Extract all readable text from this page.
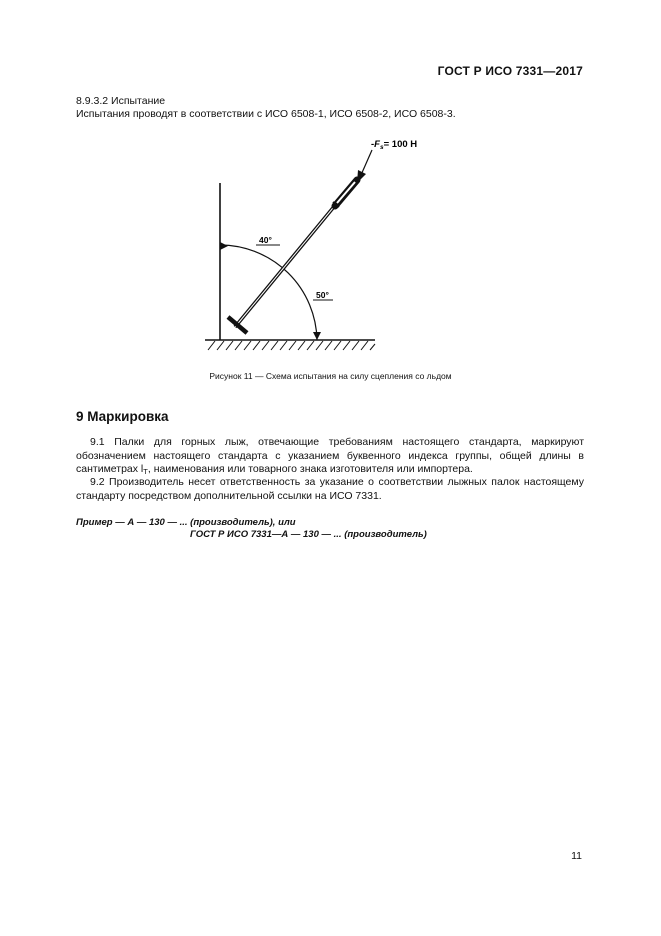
ГОСТ Р ИСО 7331—2017
8.9.3.2 Испытание
Испытания проводят в соответствии с ИСО 6508-1, ИСО 6508-2, ИСО 6508-3.
$-F_s= 100$ Н
40°
50°
Рисунок 11 — Схема испытания на силу сцепления со льдом
9 Маркировка
9.1 Палки для горных лыж, отвечающие требованиям настоящего стандарта, маркируют обозначением настоящего стандарта с указанием буквенного индекса группы, общей длины в сантиметрах $l_T$, наименования или товарного знака изготовителя или импортера.
9.2 Производитель несет ответственность за указание о соответствии лыжных палок настоящему стандарту посредством дополнительной ссылки на ИСО 7331.
Пример — А — 130 — ... (производитель), или
ГОСТ Р ИСО 7331—А — 130 — ... (производитель)
11
